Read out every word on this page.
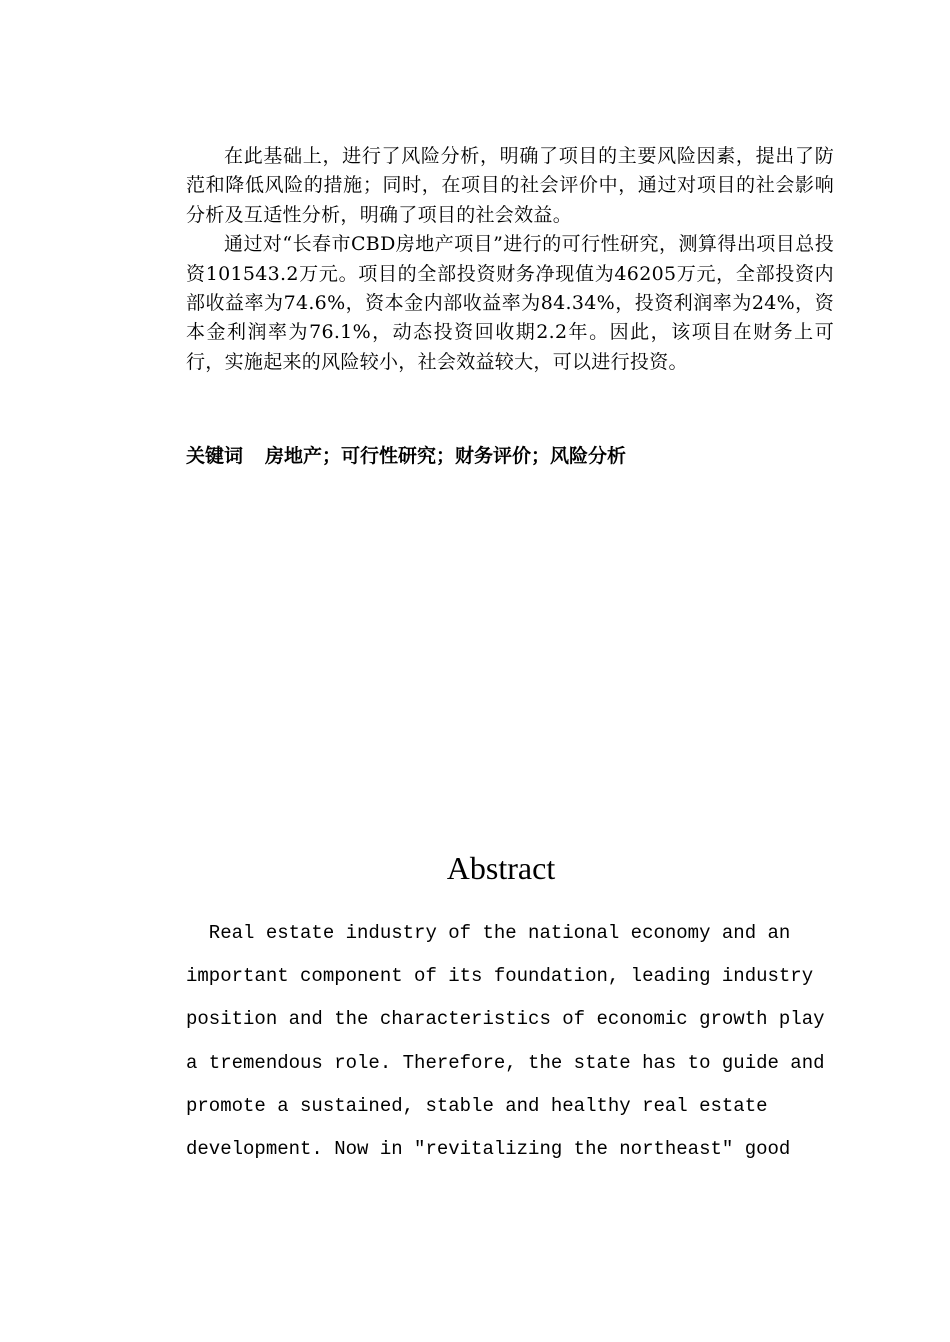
在此基础上，进行了风险分析，明确了项目的主要风险因素，提出了防范和降低风险的措施；同时，在项目的社会评价中，通过对项目的社会影响分析及互适性分析，明确了项目的社会效益。

通过对“长春市CBD房地产项目”进行的可行性研究，测算得出项目总投资101543.2万元。项目的全部投资财务净现值为46205万元，全部投资内部收益率为74.6%，资本金内部收益率为84.34%，投资利润率为24%，资本金利润率为76.1%，动态投资回收期2.2年。因此，该项目在财务上可行，实施起来的风险较小，社会效益较大，可以进行投资。

关键词 房地产；可行性研究；财务评价；风险分析
Abstract
Real estate industry of the national economy and an
important component of its foundation, leading industry
position and the characteristics of economic growth play
a tremendous role. Therefore, the state has to guide and
promote a sustained, stable and healthy real estate
development. Now in "revitalizing the northeast" good
